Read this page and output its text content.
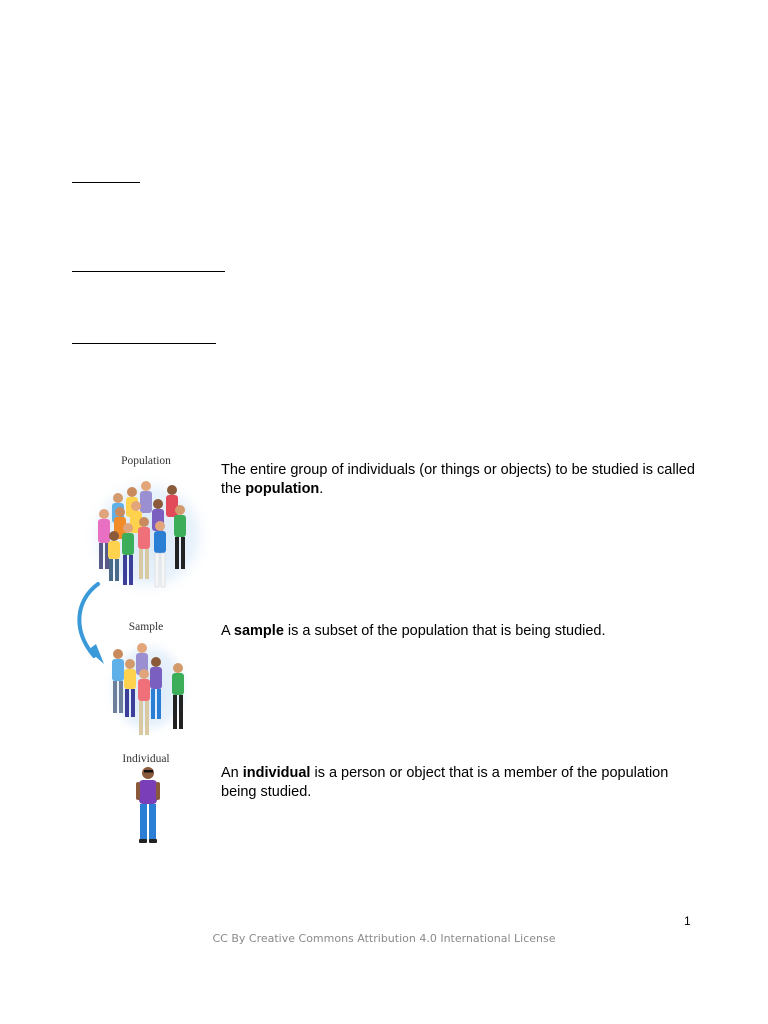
Population
Sample
Individual
The entire group of individuals (or things or objects) to be studied is called the population.
A sample is a subset of the population that is being studied.
An individual is a person or object that is a member of the population being studied.
1
CC By Creative Commons Attribution 4.0 International License
